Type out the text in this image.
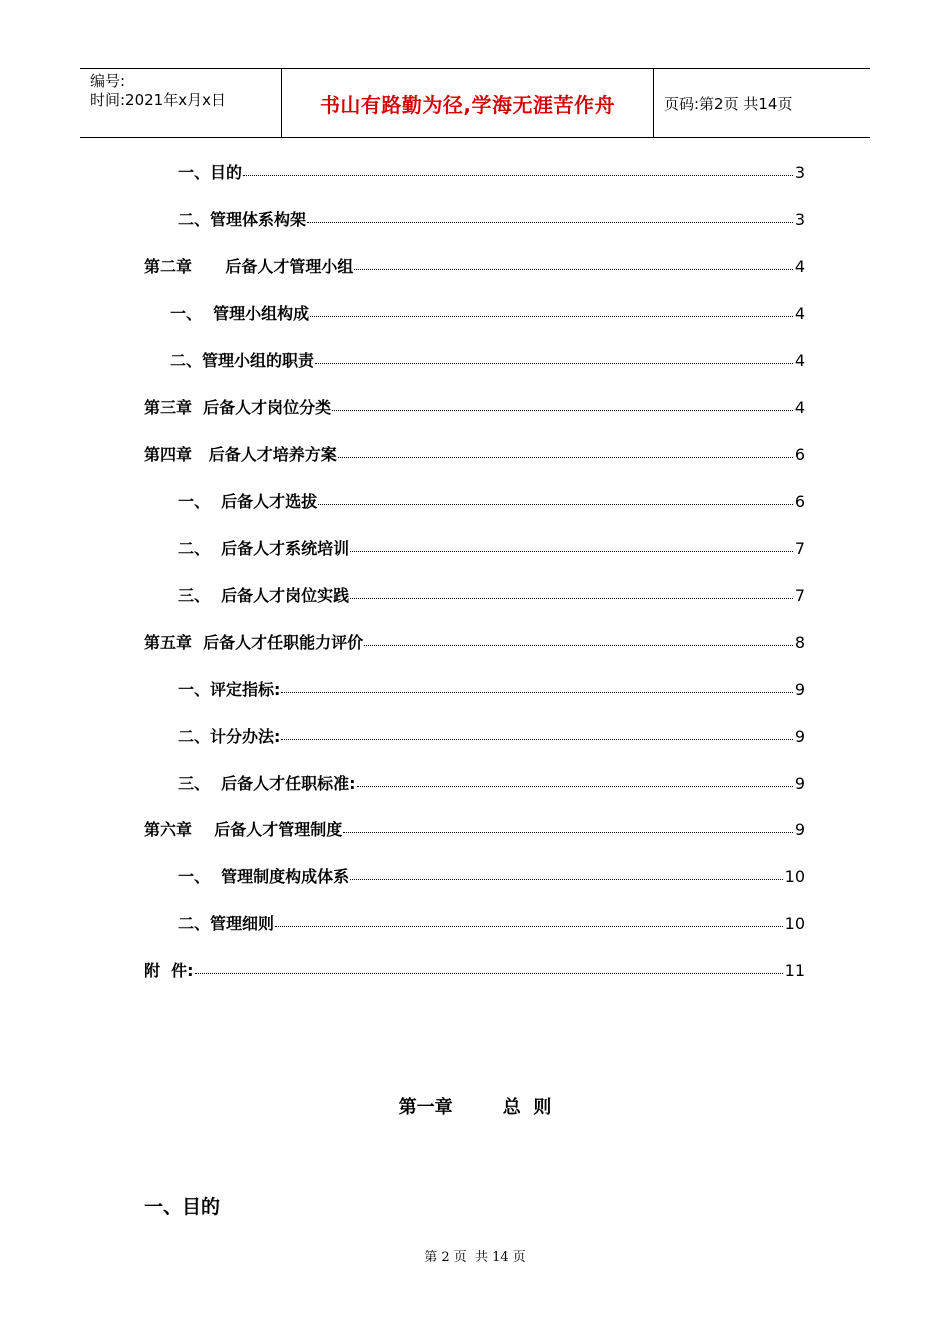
编号:
时间:2021年x月x日	书山有路勤为径,学海无涯苦作舟	页码:第2页 共14页
一、目的	3
二、管理体系构架	3
第二章      后备人才管理小组	4
一、  管理小组构成	4
二、管理小组的职责	4
第三章  后备人才岗位分类	4
第四章   后备人才培养方案	6
一、  后备人才选拔	6
二、  后备人才系统培训	7
三、  后备人才岗位实践	7
第五章  后备人才任职能力评价	8
一、评定指标:	9
二、计分办法:	9
三、  后备人才任职标准:	9
第六章    后备人才管理制度	9
一、  管理制度构成体系	10
二、管理细则	10
附  件:	11
第一章        总  则
一、目的
第 2 页  共 14 页
